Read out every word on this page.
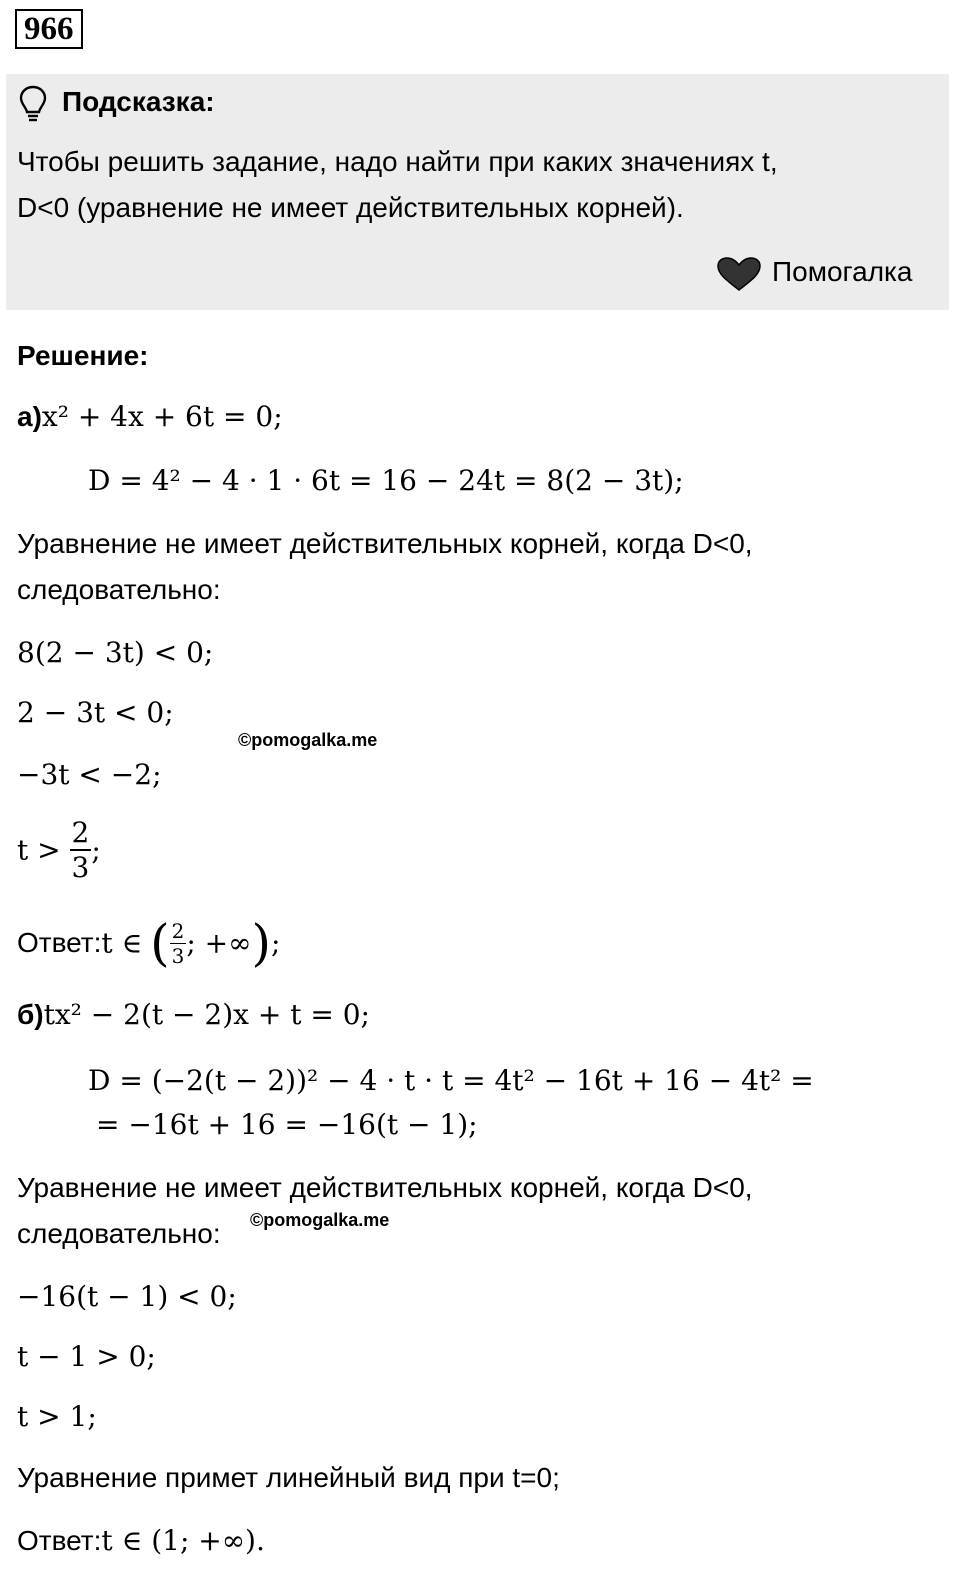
966
Подсказка:
Чтобы решить задание, надо найти при каких значениях t,
D<0 (уравнение не имеет действительных корней).
Помогалка
Решение:
а)x² + 4x + 6t = 0;
D = 4² − 4 · 1 · 6t = 16 − 24t = 8(2 − 3t);
Уравнение не имеет действительных корней, когда D<0,
следовательно:
8(2 − 3t) < 0;
2 − 3t < 0;
©pomogalka.me
−3t < −2;
$t > \frac{2}{3}$ ;
Ответ:t ∈ ( $\frac{2}{3}$ ; +∞);
б)tx² − 2(t − 2)x + t = 0;
D = (−2(t − 2))² − 4 · t · t = 4t² − 16t + 16 − 4t² =
= −16t + 16 = −16(t − 1);
Уравнение не имеет действительных корней, когда D<0,
следовательно: ©pomogalka.me
−16(t − 1) < 0;
t − 1 > 0;
t > 1;
Уравнение примет линейный вид при t=0;
Ответ:t ∈ (1; +∞).
